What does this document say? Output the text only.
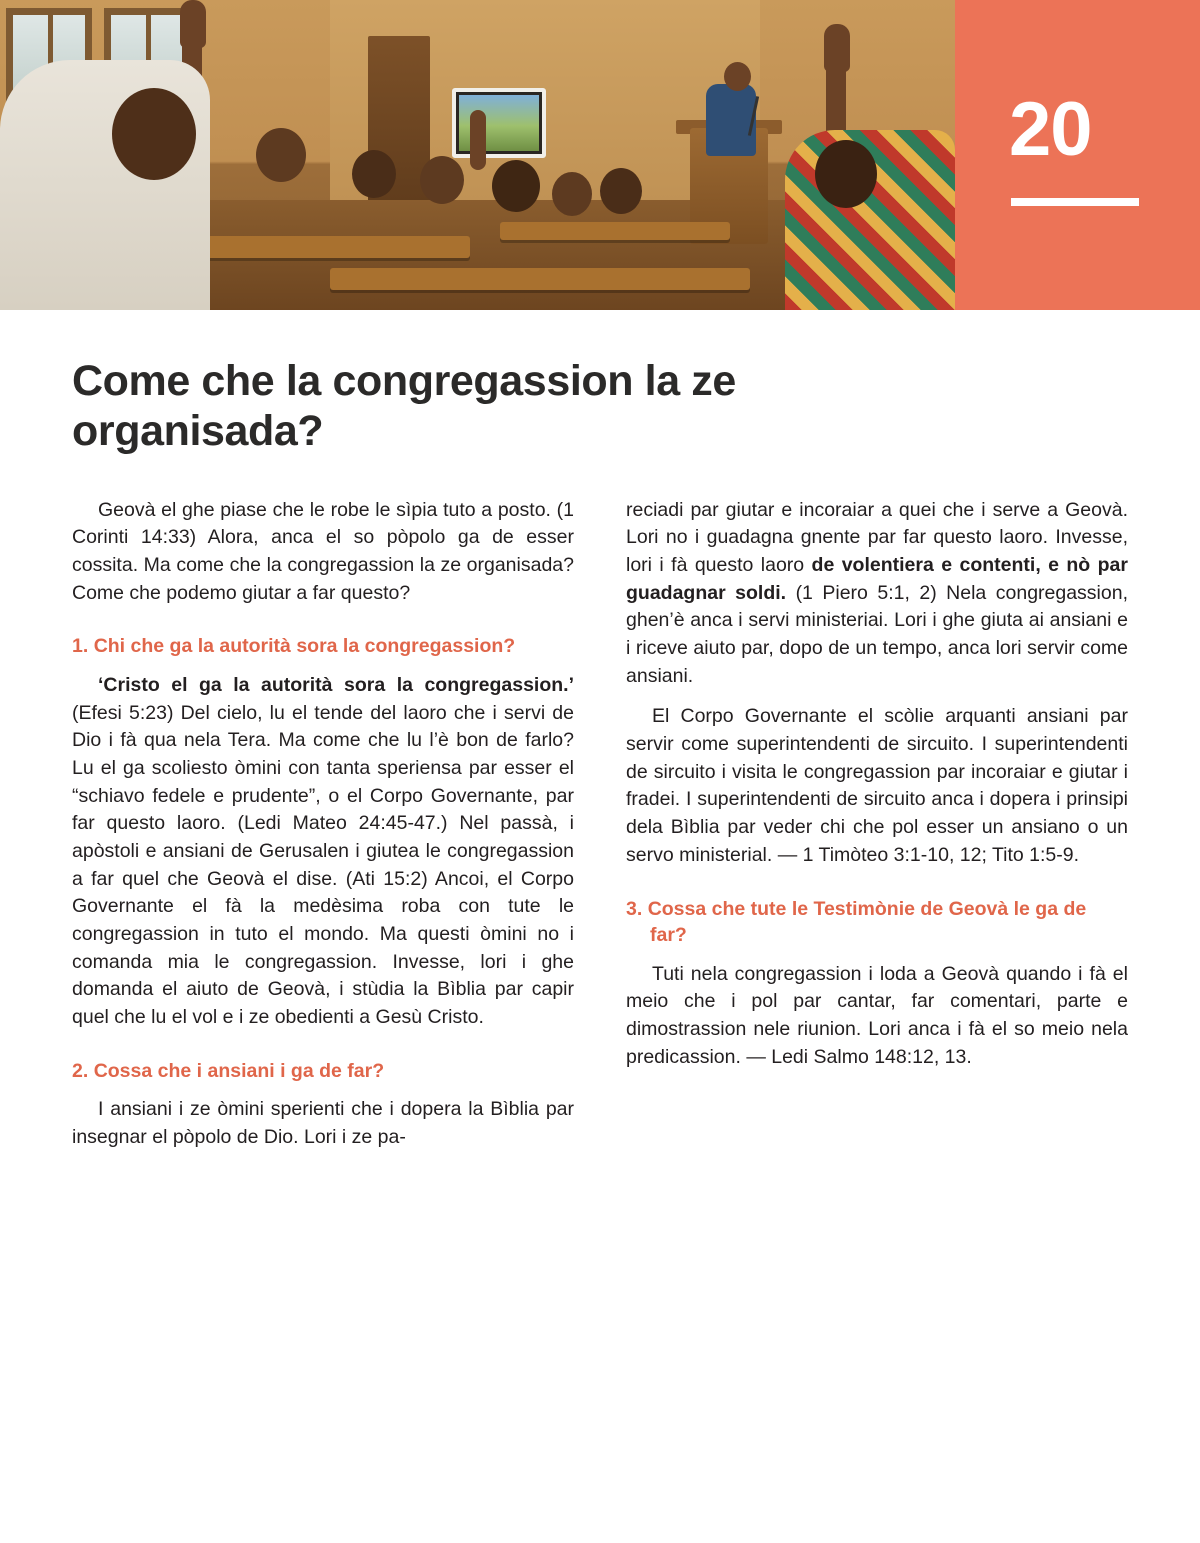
20
Come che la congregassion la ze organisada?

Geovà el ghe piase che le robe le sìpia tuto a posto. (1 Corinti 14:33) Alora, anca el so pòpolo ga de esser cossita. Ma come che la congregassion la ze organisada? Come che podemo giutar a far questo?

1. Chi che ga la autorità sora la congregassion?

‘Cristo el ga la autorità sora la congregassion.’ (Efesi 5:23) Del cielo, lu el tende del laoro che i servi de Dio i fà qua nela Tera. Ma come che lu l’è bon de farlo? Lu el ga scoliesto òmini con tanta speriensa par esser el “schiavo fedele e prudente”, o el Corpo Governante, par far questo laoro. (Ledi Mateo 24:45-47.) Nel passà, i apòstoli e ansiani de Gerusalen i giutea le congregassion a far quel che Geovà el dise. (Ati 15:2) Ancoi, el Corpo Governante el fà la medèsima roba con tute le congregassion in tuto el mondo. Ma questi òmini no i comanda mia le congregassion. Invesse, lori i ghe domanda el aiuto de Geovà, i stùdia la Bìblia par capir quel che lu el vol e i ze obedienti a Gesù Cristo.

2. Cossa che i ansiani i ga de far?

I ansiani i ze òmini sperienti che i dopera la Bìblia par insegnar el pòpolo de Dio. Lori i ze pa-

reciadi par giutar e incoraiar a quei che i serve a Geovà. Lori no i guadagna gnente par far questo laoro. Invesse, lori i fà questo laoro de volentiera e contenti, e nò par guadagnar soldi. (1 Piero 5:1, 2) Nela congregassion, ghen’è anca i servi ministeriai. Lori i ghe giuta ai ansiani e i riceve aiuto par, dopo de un tempo, anca lori servir come ansiani.

El Corpo Governante el scòlie arquanti ansiani par servir come superintendenti de sircuito. I superintendenti de sircuito i visita le congregassion par incoraiar e giutar i fradei. I superintendenti de sircuito anca i dopera i prinsipi dela Bìblia par veder chi che pol esser un ansiano o un servo ministerial. — 1 Timòteo 3:1-10, 12; Tito 1:5-9.

3. Cossa che tute le Testimònie de Geovà le ga de far?

Tuti nela congregassion i loda a Geovà quando i fà el meio che i pol par cantar, far comentari, parte e dimostrassion nele riunion. Lori anca i fà el so meio nela predicassion. — Ledi Salmo 148:12, 13.
